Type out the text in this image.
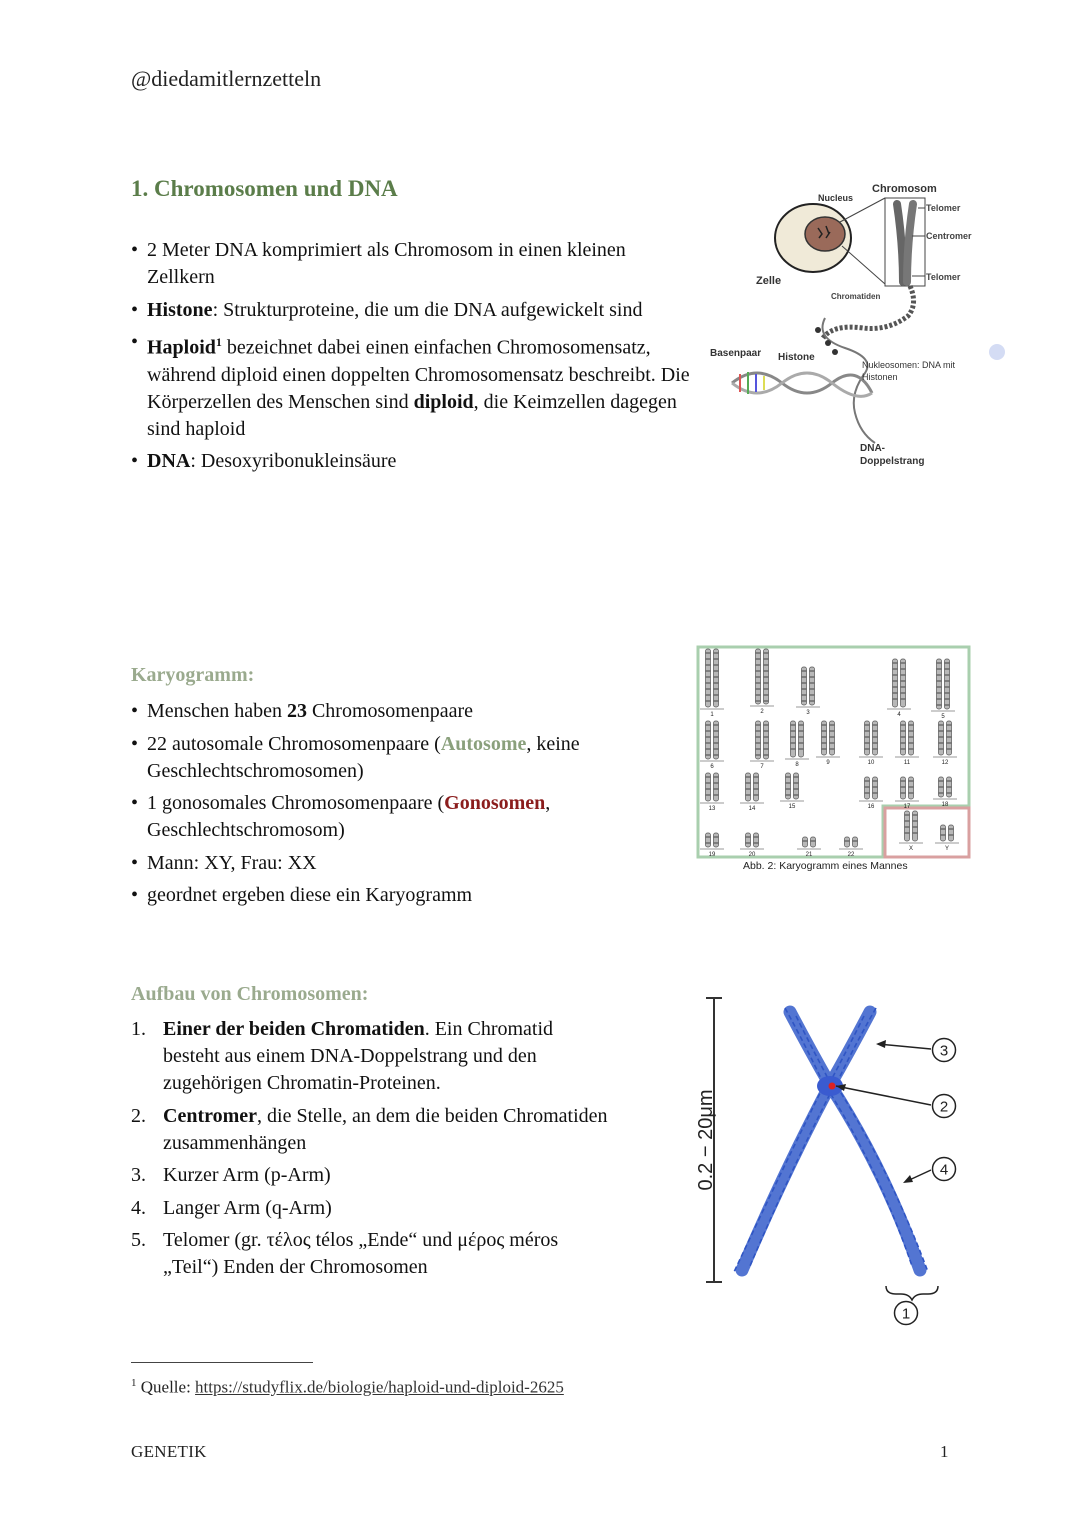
@diedamitlernzetteln
1. Chromosomen und DNA
• 2 Meter DNA komprimiert als Chromosom in einen kleinen Zellkern
• Histone: Strukturproteine, die um die DNA aufgewickelt sind
• Haploid$^1$ bezeichnet dabei einen einfachen Chromosomensatz, während diploid einen doppelten Chromosomensatz beschreibt. Die Körperzellen des Menschen sind diploid, die Keimzellen dagegen sind haploid
• DNA: Desoxyribonukleinsäure
Nucleus
Chromosom
Telomer
Centromer
Telomer
Zelle
Chromatiden
Basenpaar Histone
Nukleosomen: DNA mit
Histonen
DNA-
Doppelstrang
Karyogramm:
• Menschen haben 23 Chromosomenpaare
• 22 autosomale Chromosomenpaare (Autosome, keine Geschlechtschromosomen)
• 1 gonosomales Chromosomenpaare (Gonosomen, Geschlechtschromosom)
• Mann: XY, Frau: XX
• geordnet ergeben diese ein Karyogramm
1	2	3	4	5
6	7	8	9	10	11	12
13	14	15	16	17	18
19	20	21	22
X	Y
Abb. 2: Karyogramm eines Mannes
Aufbau von Chromosomen:
1. Einer der beiden Chromatiden. Ein Chromatid besteht aus einem DNA-Doppelstrang und den zugehörigen Chromatin-Proteinen.
2. Centromer, die Stelle, an dem die beiden Chromatiden zusammenhängen
3. Kurzer Arm (p-Arm)
4. Langer Arm (q-Arm)
5. Telomer (gr. τέλος télos „Ende“ und μέρος méros „Teil“) Enden der Chromosomen
0.2 − 20μm
3
2
4
1
$^1$ Quelle: https://studyflix.de/biologie/haploid-und-diploid-2625
GENETIK	1
